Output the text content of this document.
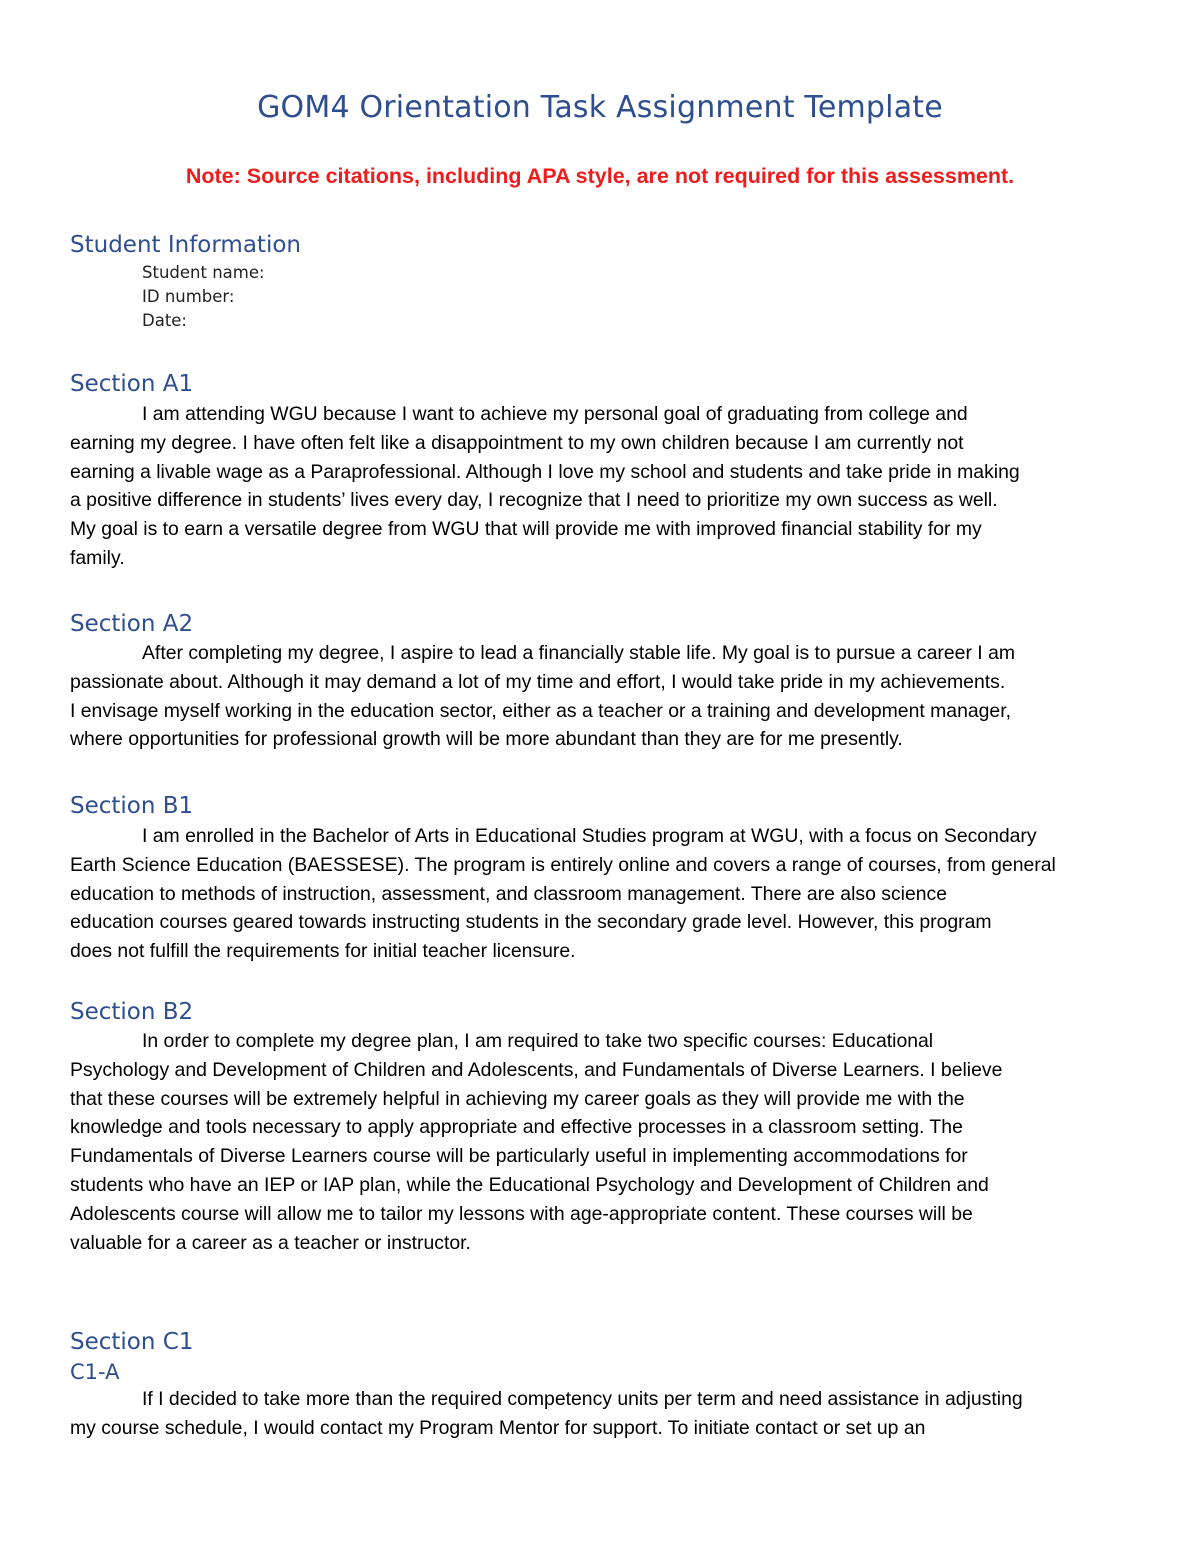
GOM4 Orientation Task Assignment Template
Note: Source citations, including APA style, are not required for this assessment.
Student Information
Student name:
ID number:
Date:
Section A1
I am attending WGU because I want to achieve my personal goal of graduating from college and
earning my degree. I have often felt like a disappointment to my own children because I am currently not
earning a livable wage as a Paraprofessional. Although I love my school and students and take pride in making
a positive difference in students’ lives every day, I recognize that I need to prioritize my own success as well.
My goal is to earn a versatile degree from WGU that will provide me with improved financial stability for my
family.
Section A2
After completing my degree, I aspire to lead a financially stable life. My goal is to pursue a career I am
passionate about. Although it may demand a lot of my time and effort, I would take pride in my achievements.
I envisage myself working in the education sector, either as a teacher or a training and development manager,
where opportunities for professional growth will be more abundant than they are for me presently.
Section B1
I am enrolled in the Bachelor of Arts in Educational Studies program at WGU, with a focus on Secondary
Earth Science Education (BAESSESE). The program is entirely online and covers a range of courses, from general
education to methods of instruction, assessment, and classroom management. There are also science
education courses geared towards instructing students in the secondary grade level. However, this program
does not fulfill the requirements for initial teacher licensure.
Section B2
In order to complete my degree plan, I am required to take two specific courses: Educational
Psychology and Development of Children and Adolescents, and Fundamentals of Diverse Learners. I believe
that these courses will be extremely helpful in achieving my career goals as they will provide me with the
knowledge and tools necessary to apply appropriate and effective processes in a classroom setting. The
Fundamentals of Diverse Learners course will be particularly useful in implementing accommodations for
students who have an IEP or IAP plan, while the Educational Psychology and Development of Children and
Adolescents course will allow me to tailor my lessons with age-appropriate content. These courses will be
valuable for a career as a teacher or instructor.
Section C1
C1-A
If I decided to take more than the required competency units per term and need assistance in adjusting
my course schedule, I would contact my Program Mentor for support. To initiate contact or set up an
